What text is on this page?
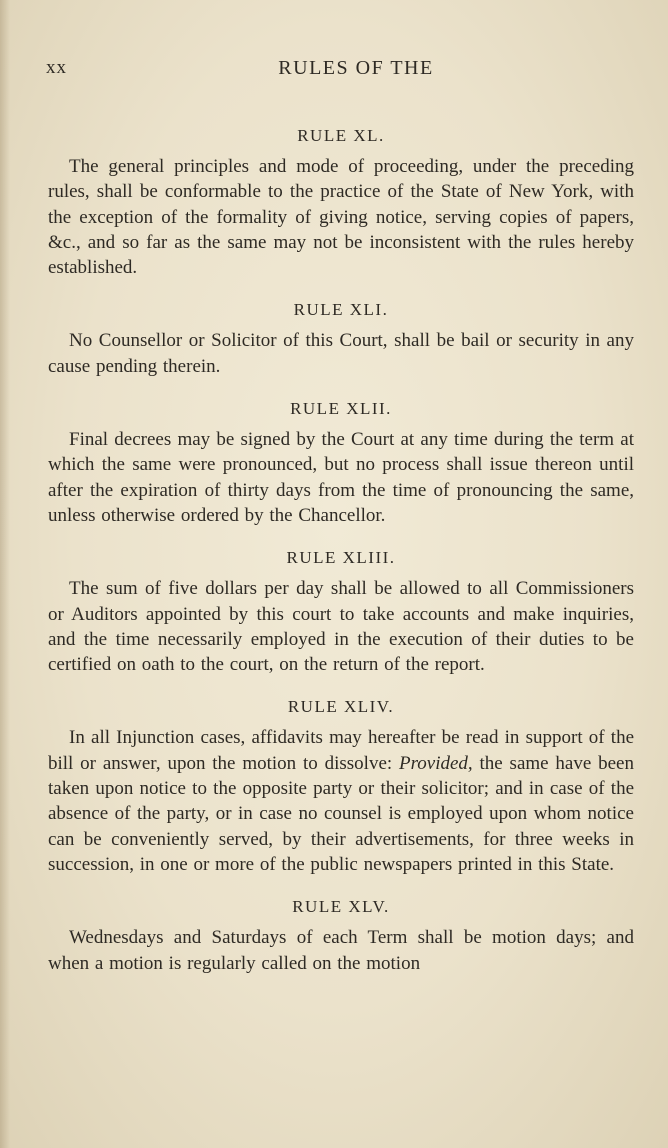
xx	RULES OF THE
RULE XL.

The general principles and mode of proceeding, under the preceding rules, shall be conformable to the practice of the State of New York, with the exception of the formality of giving notice, serving copies of papers, &c., and so far as the same may not be inconsistent with the rules hereby established.

RULE XLI.

No Counsellor or Solicitor of this Court, shall be bail or security in any cause pending therein.

RULE XLII.

Final decrees may be signed by the Court at any time during the term at which the same were pronounced, but no process shall issue thereon until after the expiration of thirty days from the time of pronouncing the same, unless otherwise ordered by the Chancellor.

RULE XLIII.

The sum of five dollars per day shall be allowed to all Commissioners or Auditors appointed by this court to take accounts and make inquiries, and the time necessarily employed in the execution of their duties to be certified on oath to the court, on the return of the report.

RULE XLIV.

In all Injunction cases, affidavits may hereafter be read in support of the bill or answer, upon the motion to dissolve: Provided, the same have been taken upon notice to the opposite party or their solicitor; and in case of the absence of the party, or in case no counsel is employed upon whom notice can be conveniently served, by their advertisements, for three weeks in succession, in one or more of the public newspapers printed in this State.

RULE XLV.

Wednesdays and Saturdays of each Term shall be motion days; and when a motion is regularly called on the motion
